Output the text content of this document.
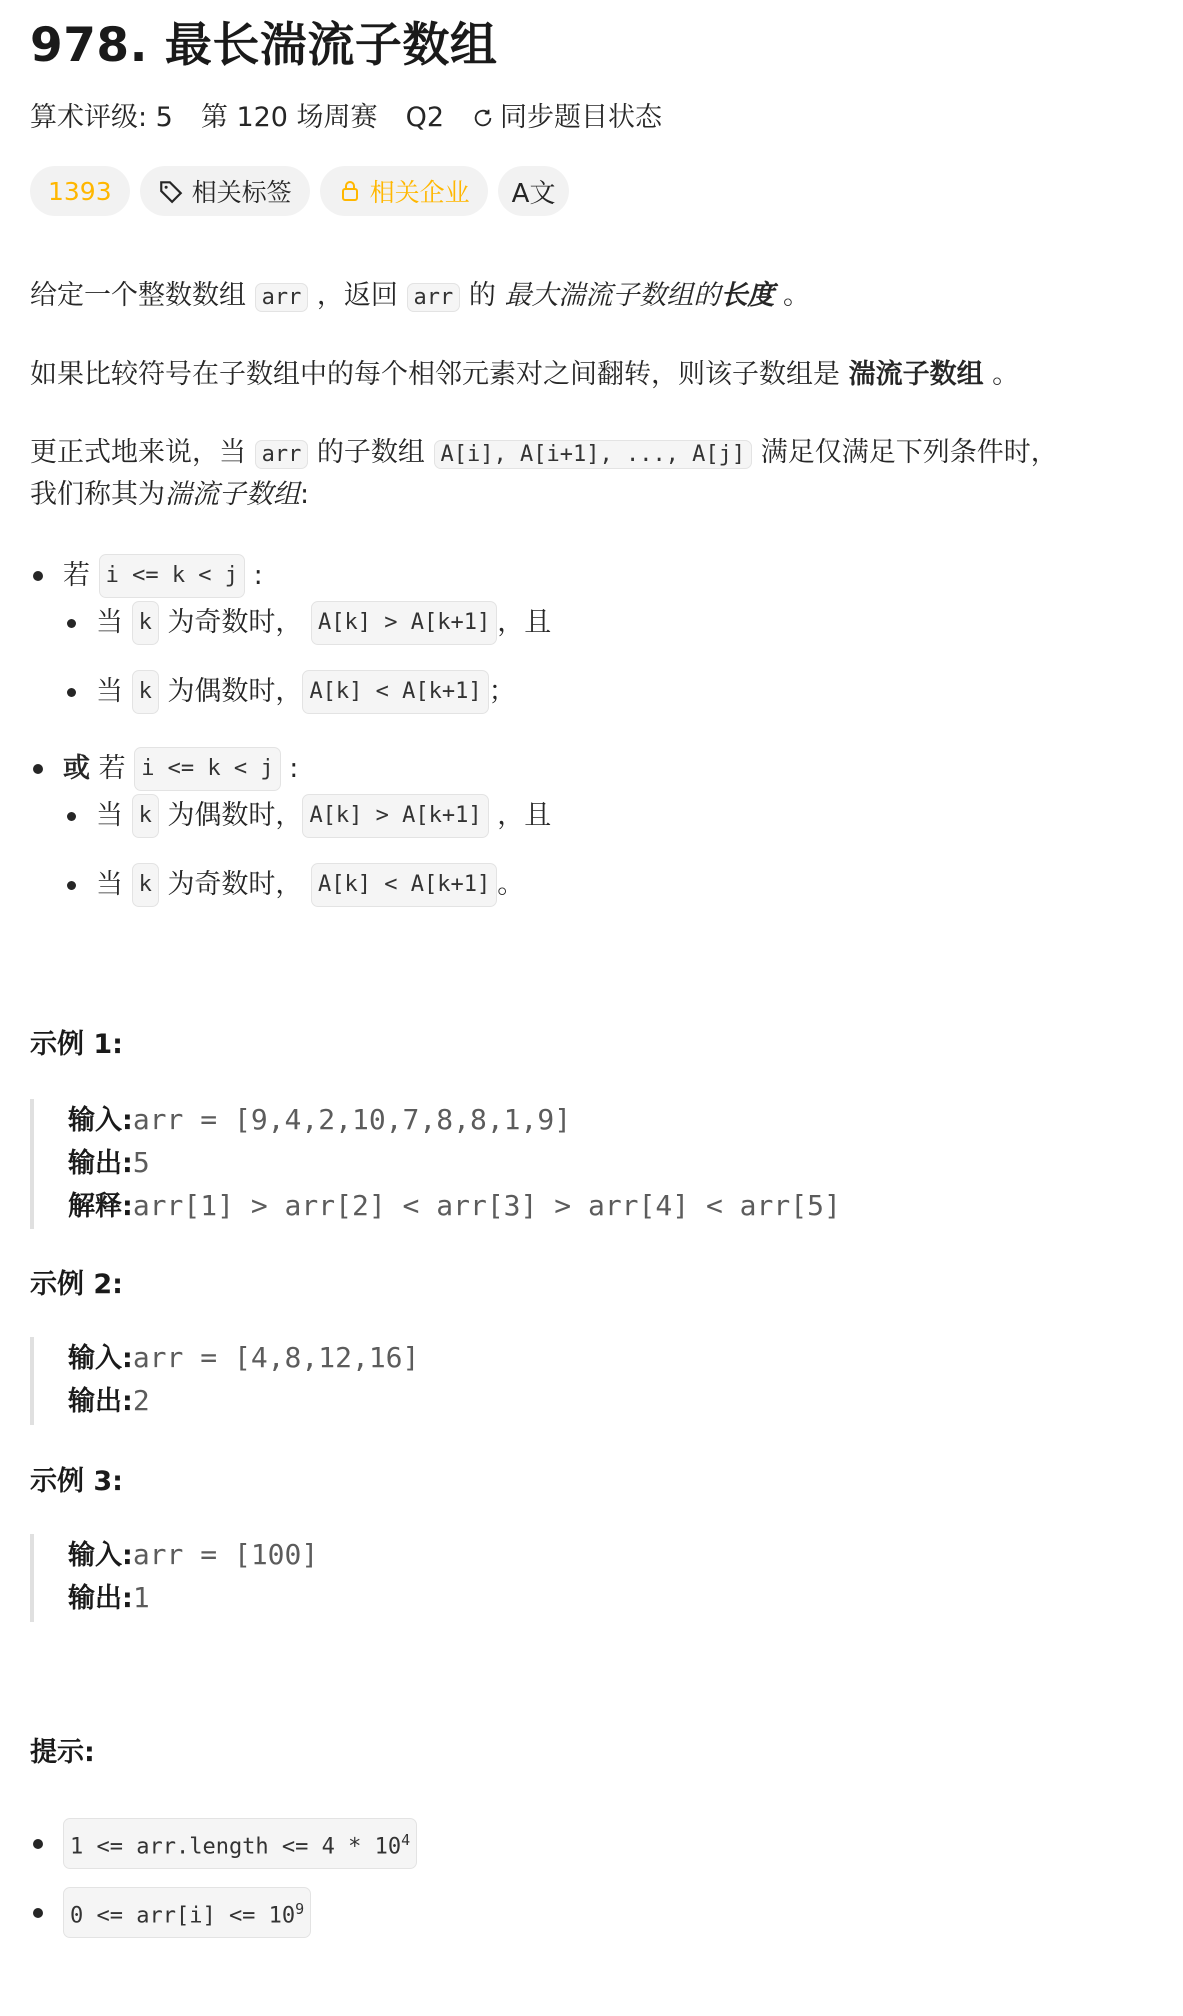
978. 最长湍流子数组
算术评级: 5 第 120 场周赛 Q2 同步题目状态
1393	相关标签	相关企业 A文

给定一个整数数组 arr ，返回 arr 的 最大湍流子数组的长度 。

如果比较符号在子数组中的每个相邻元素对之间翻转，则该子数组是 湍流子数组 。

更正式地来说，当 arr 的子数组 A[i], A[i+1], ..., A[j] 满足仅满足下列条件时，
我们称其为湍流子数组:

若
i <= k < j
:
当
k
为奇数时，
A[k] > A[k+1] ，且
当
k
为偶数时， A[k] < A[k+1] ；
或
若
i <= k < j
:
当
k
为偶数时， A[k] > A[k+1]
，且
当
k
为奇数时，
A[k] < A[k+1] 。
示例 1:
输入: arr = [9,4,2,10,7,8,8,1,9]
输出: 5
解释: arr[1] > arr[2] < arr[3] > arr[4] < arr[5]
示例 2:
输入: arr = [4,8,12,16]
输出: 2
示例 3:
输入: arr = [100]
输出: 1
提示:
1 <= arr.length <= $4 * 10^4$
$0 <= arr[i] <= 10^9$
